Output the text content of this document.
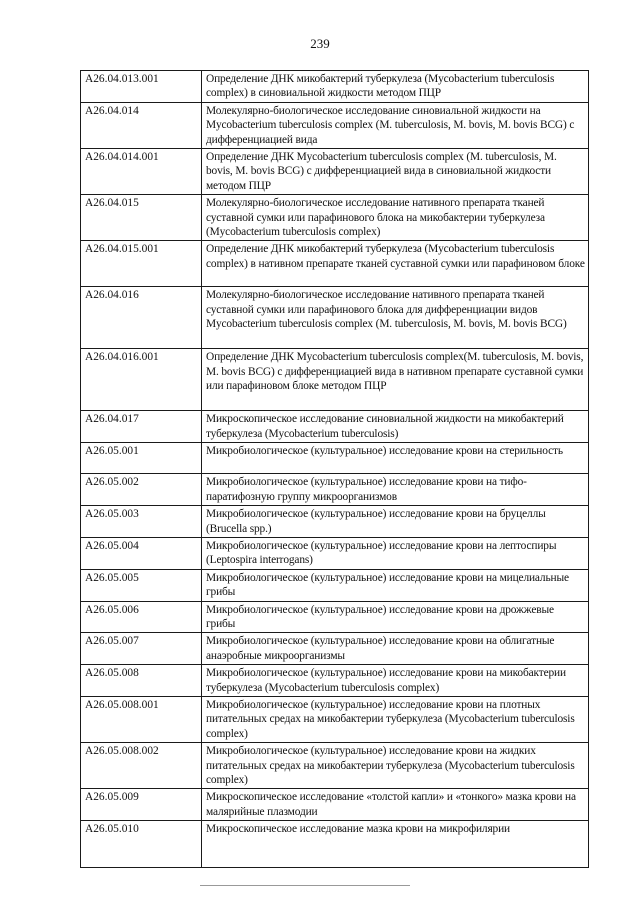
239
A26.04.013.001	Определение ДНК микобактерий туберкулеза (Mycobacterium tuberculosis complex) в синовиальной жидкости методом ПЦР
A26.04.014	Молекулярно-биологическое исследование синовиальной жидкости на Mycobacterium tuberculosis complex (M. tuberculosis, M. bovis, M. bovis BCG) с дифференциацией вида
A26.04.014.001	Определение ДНК Mycobacterium tuberculosis complex (M. tuberculosis, M. bovis, M. bovis BCG) с дифференциацией вида в синовиальной жидкости методом ПЦР
A26.04.015	Молекулярно-биологическое исследование нативного препарата тканей суставной сумки или парафинового блока на микобактерии туберкулеза (Mycobacterium tuberculosis complex)
A26.04.015.001	Определение ДНК микобактерий туберкулеза (Mycobacterium tuberculosis complex) в нативном препарате тканей суставной сумки или парафиновом блоке
A26.04.016	Молекулярно-биологическое исследование нативного препарата тканей суставной сумки или парафинового блока для дифференциации видов Mycobacterium tuberculosis complex (M. tuberculosis, M. bovis, M. bovis BCG)
A26.04.016.001	Определение ДНК Mycobacterium tuberculosis complex(M. tuberculosis, M. bovis, M. bovis BCG) с дифференциацией вида в нативном препарате суставной сумки или парафиновом блоке методом ПЦР
A26.04.017	Микроскопическое исследование синовиальной жидкости на микобактерий туберкулеза (Mycobacterium tuberculosis)
A26.05.001	Микробиологическое (культуральное) исследование крови на стерильность
A26.05.002	Микробиологическое (культуральное) исследование крови на тифо-паратифозную группу микроорганизмов
A26.05.003	Микробиологическое (культуральное) исследование крови на бруцеллы (Brucella spp.)
A26.05.004	Микробиологическое (культуральное) исследование крови на лептоспиры (Leptospira interrogans)
A26.05.005	Микробиологическое (культуральное) исследование крови на мицелиальные грибы
A26.05.006	Микробиологическое (культуральное) исследование крови на дрожжевые грибы
A26.05.007	Микробиологическое (культуральное) исследование крови на облигатные анаэробные микроорганизмы
A26.05.008	Микробиологическое (культуральное) исследование крови на микобактерии туберкулеза (Mycobacterium tuberculosis complex)
A26.05.008.001	Микробиологическое (культуральное) исследование крови на плотных питательных средах на микобактерии туберкулеза (Mycobacterium tuberculosis complex)
A26.05.008.002	Микробиологическое (культуральное) исследование крови на жидких питательных средах на микобактерии туберкулеза (Mycobacterium tuberculosis complex)
A26.05.009	Микроскопическое исследование «толстой капли» и «тонкого» мазка крови на малярийные плазмодии
A26.05.010	Микроскопическое исследование мазка крови на микрофилярии
